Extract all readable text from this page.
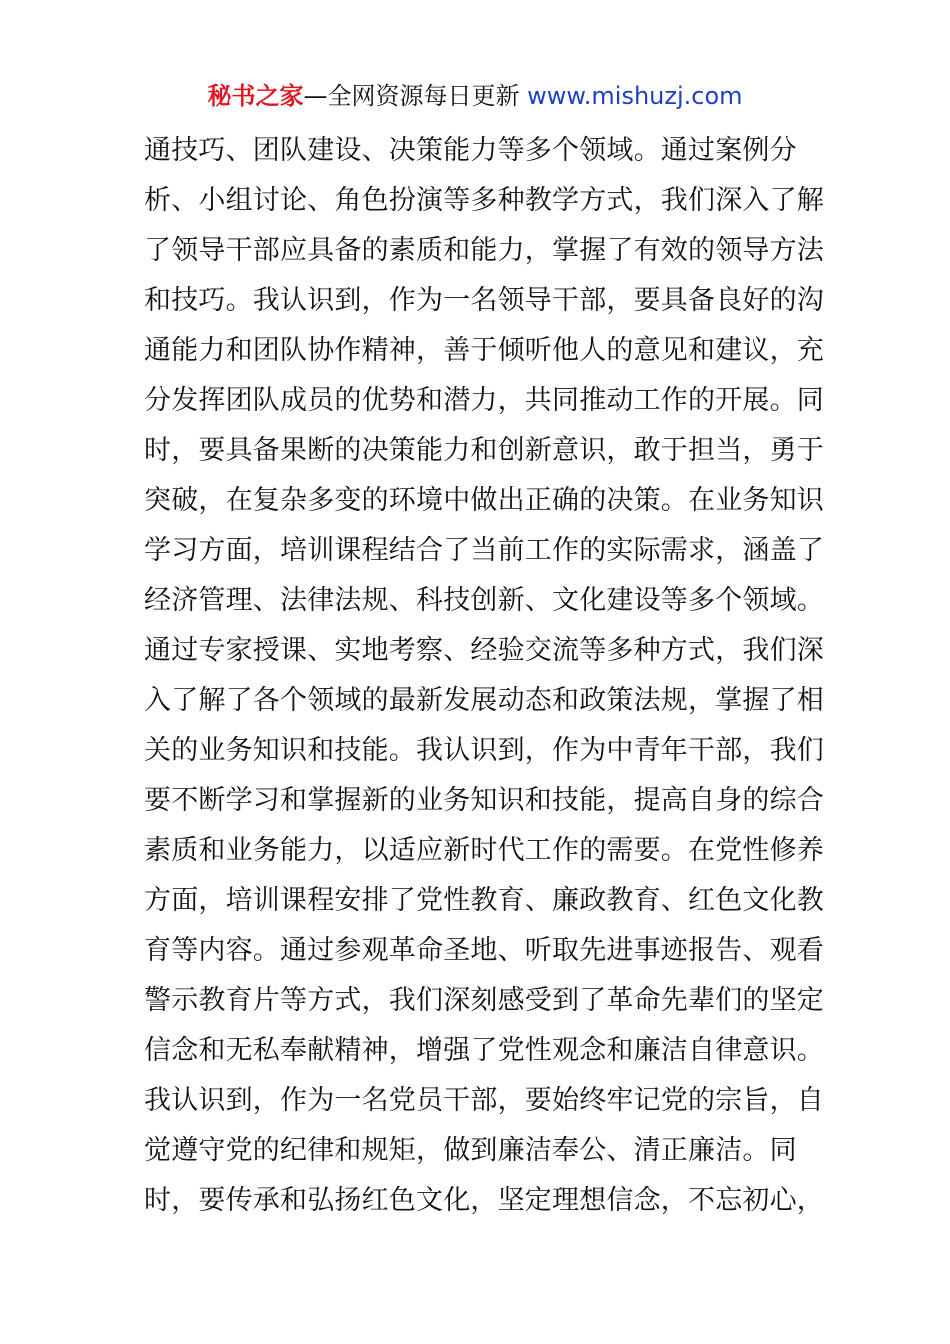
秘书之家—全网资源每日更新 www.mishuzj.com
通技巧、团队建设、决策能力等多个领域。通过案例分
析、小组讨论、角色扮演等多种教学方式，我们深入了解
了领导干部应具备的素质和能力，掌握了有效的领导方法
和技巧。我认识到，作为一名领导干部，要具备良好的沟
通能力和团队协作精神，善于倾听他人的意见和建议，充
分发挥团队成员的优势和潜力，共同推动工作的开展。同
时，要具备果断的决策能力和创新意识，敢于担当，勇于
突破，在复杂多变的环境中做出正确的决策。在业务知识
学习方面，培训课程结合了当前工作的实际需求，涵盖了
经济管理、法律法规、科技创新、文化建设等多个领域。
通过专家授课、实地考察、经验交流等多种方式，我们深
入了解了各个领域的最新发展动态和政策法规，掌握了相
关的业务知识和技能。我认识到，作为中青年干部，我们
要不断学习和掌握新的业务知识和技能，提高自身的综合
素质和业务能力，以适应新时代工作的需要。在党性修养
方面，培训课程安排了党性教育、廉政教育、红色文化教
育等内容。通过参观革命圣地、听取先进事迹报告、观看
警示教育片等方式，我们深刻感受到了革命先辈们的坚定
信念和无私奉献精神，增强了党性观念和廉洁自律意识。
我认识到，作为一名党员干部，要始终牢记党的宗旨，自
觉遵守党的纪律和规矩，做到廉洁奉公、清正廉洁。同
时，要传承和弘扬红色文化，坚定理想信念，不忘初心，
